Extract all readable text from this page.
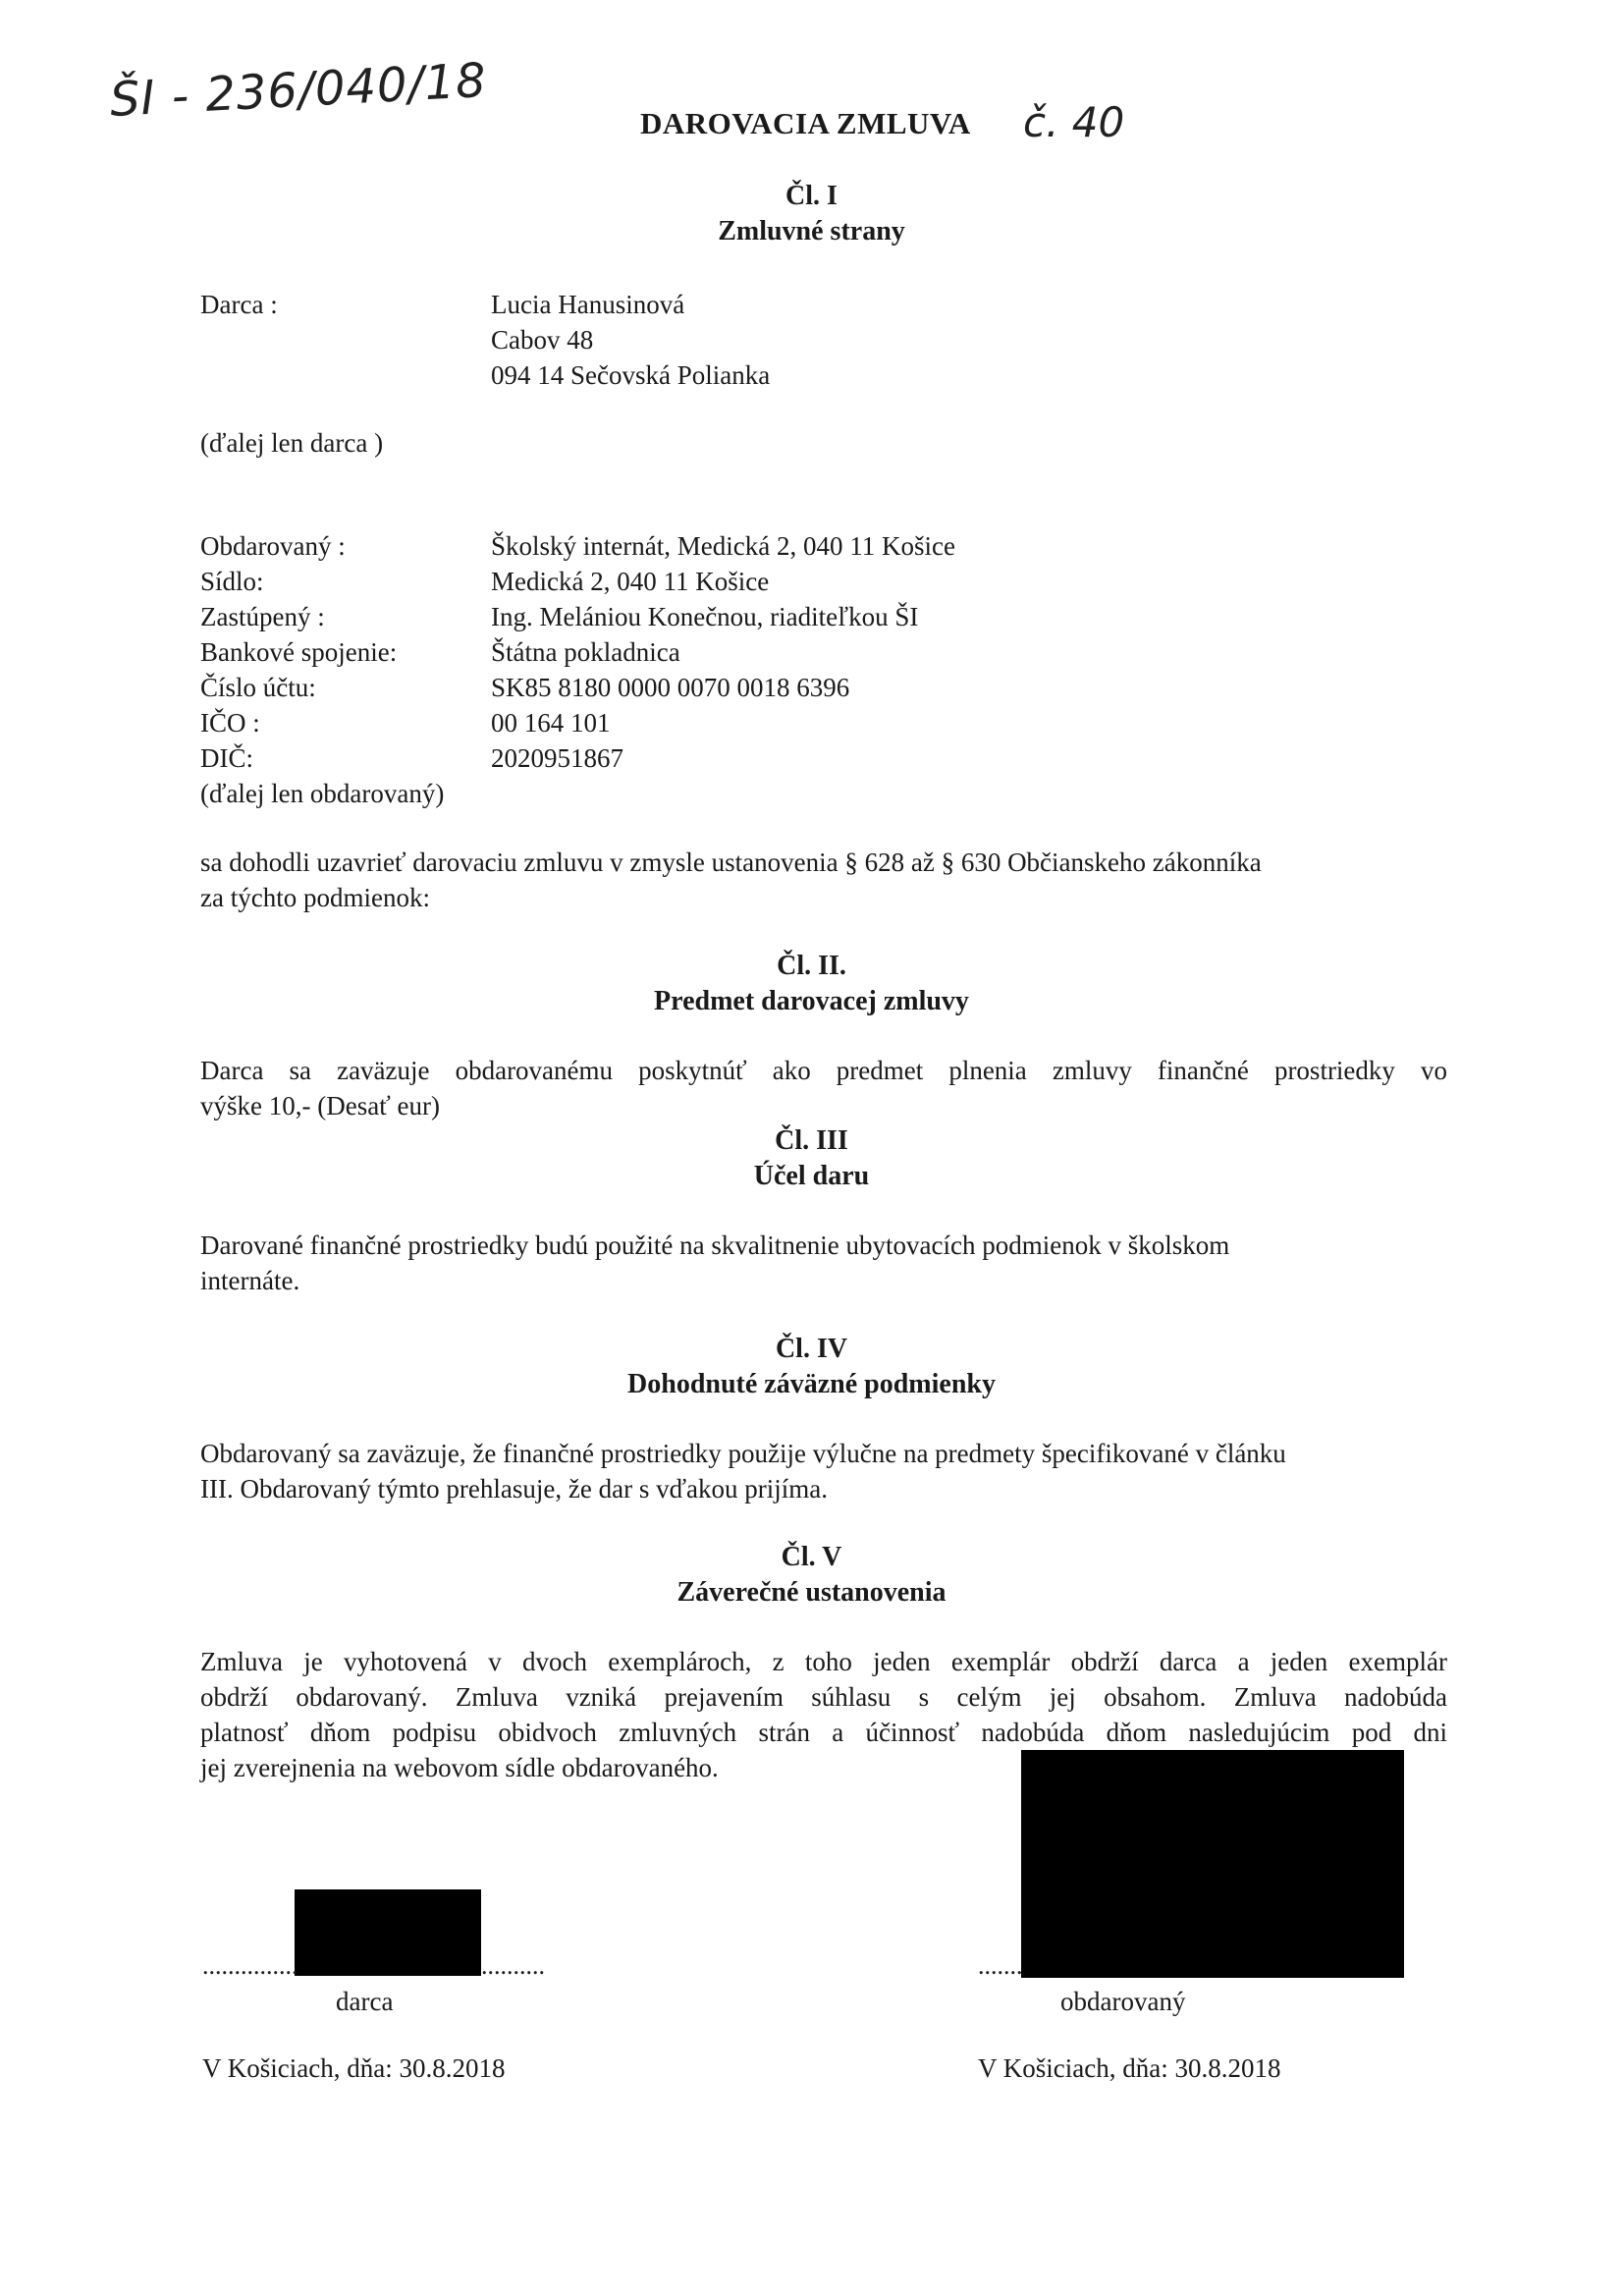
ŠI - 236/040/18	DAROVACIA ZMLUVA č. 40
Čl. I
Zmluvné strany
Darca :	Lucia Hanusinová
Cabov 48
094 14 Sečovská Polianka
(ďalej len darca )
Obdarovaný :	Školský internát, Medická 2, 040 11 Košice
Sídlo:	Medická 2, 040 11 Košice
Zastúpený :	Ing. Melániou Konečnou, riaditeľkou ŠI
Bankové spojenie:	Štátna pokladnica
Číslo účtu:	SK85 8180 0000 0070 0018 6396
IČO :	00 164 101
DIČ:	2020951867
(ďalej len obdarovaný)
sa dohodli uzavrieť darovaciu zmluvu v zmysle ustanovenia § 628 až § 630 Občianskeho zákonníka
za týchto podmienok:
Čl. II.
Predmet darovacej zmluvy
Darca sa zaväzuje obdarovanému poskytnúť ako predmet plnenia zmluvy finančné prostriedky vo
výške 10,- (Desať eur)
Čl. III
Účel daru
Darované finančné prostriedky budú použité na skvalitnenie ubytovacích podmienok v školskom
internáte.
Čl. IV
Dohodnuté záväzné podmienky
Obdarovaný sa zaväzuje, že finančné prostriedky použije výlučne na predmety špecifikované v článku
III. Obdarovaný týmto prehlasuje, že dar s vďakou prijíma.
Čl. V
Záverečné ustanovenia
Zmluva je vyhotovená v dvoch exemplároch, z toho jeden exemplár obdrží darca a jeden exemplár
obdrží obdarovaný. Zmluva vzniká prejavením súhlasu s celým jej obsahom. Zmluva nadobúda
platnosť dňom podpisu obidvoch zmluvných strán a účinnosť nadobúda dňom nasledujúcim pod dni
jej zverejnenia na webovom sídle obdarovaného.
...............	..........
darca
V Košiciach, dňa: 30.8.2018
.......
obdarovaný
V Košiciach, dňa: 30.8.2018
